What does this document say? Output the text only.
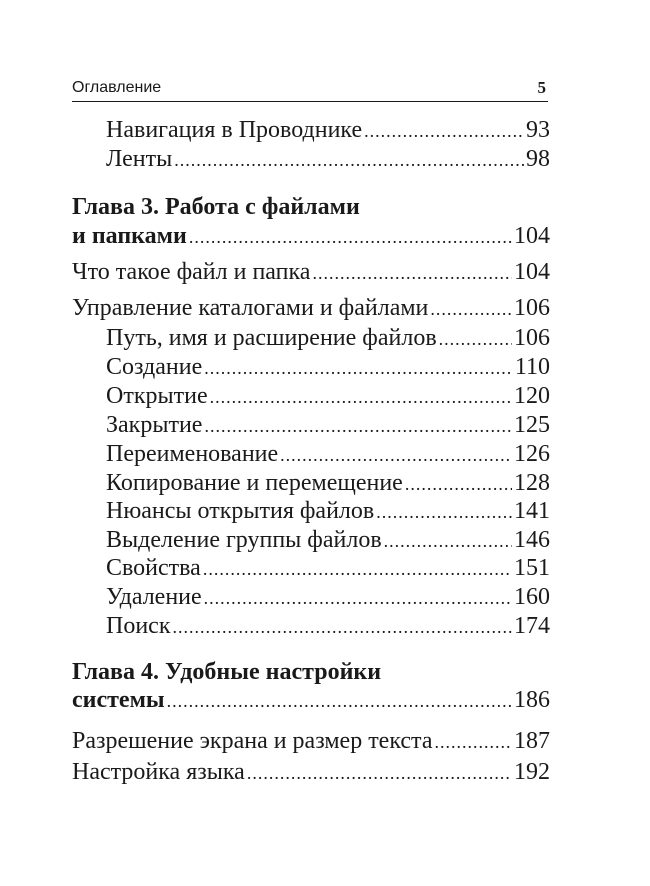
Оглавление	5
Навигация в Проводнике .....	93
Ленты .....	98
Глава 3. Работа с файлами
и папками .....	104
Что такое файл и папка .....	104
Управление каталогами и файлами .....	106
Путь, имя и расширение файлов .....	106
Создание .....	110
Открытие .....	120
Закрытие .....	125
Переименование .....	126
Копирование и перемещение .....	128
Нюансы открытия файлов .....	141
Выделение группы файлов .....	146
Свойства .....	151
Удаление .....	160
Поиск .....	174
Глава 4. Удобные настройки
системы .....	186
Разрешение экрана и размер текста .....	187
Настройка языка .....	192
